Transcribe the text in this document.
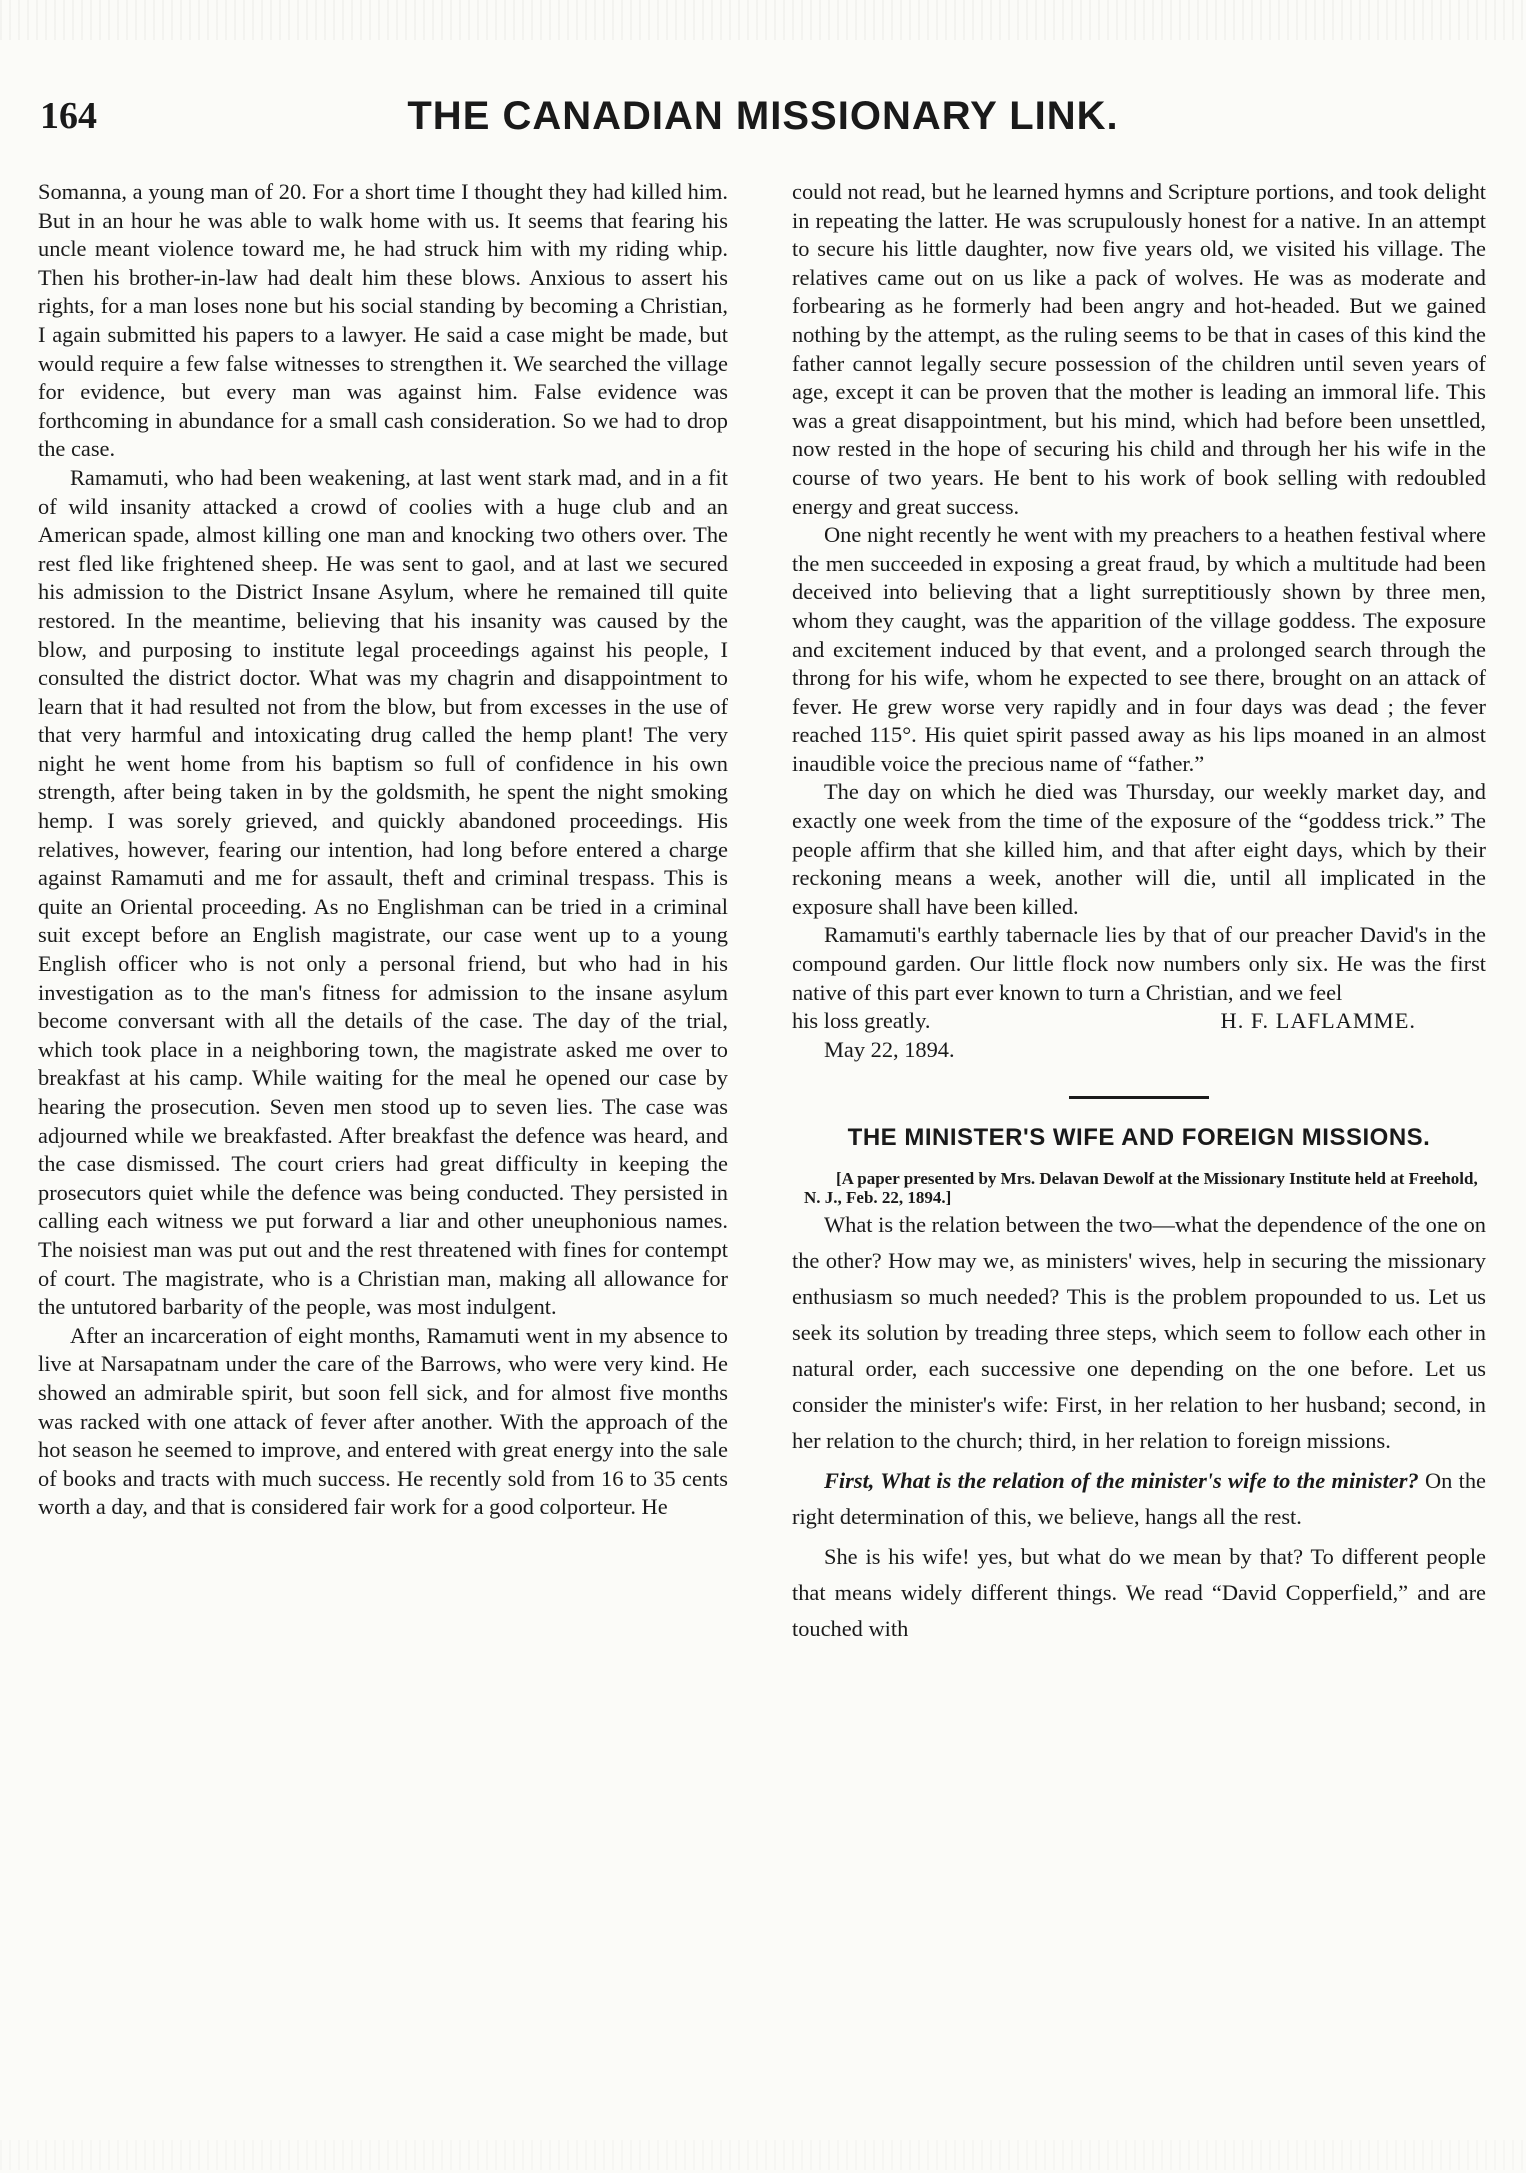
164	THE CANADIAN MISSIONARY LINK.

Somanna, a young man of 20. For a short time I thought they had killed him. But in an hour he was able to walk home with us. It seems that fearing his uncle meant violence toward me, he had struck him with my riding whip. Then his brother-in-law had dealt him these blows. Anxious to assert his rights, for a man loses none but his social standing by becoming a Christian, I again submitted his papers to a lawyer. He said a case might be made, but would require a few false witnesses to strengthen it. We searched the village for evidence, but every man was against him. False evidence was forthcoming in abundance for a small cash consideration. So we had to drop the case.

Ramamuti, who had been weakening, at last went stark mad, and in a fit of wild insanity attacked a crowd of coolies with a huge club and an American spade, almost killing one man and knocking two others over. The rest fled like frightened sheep. He was sent to gaol, and at last we secured his admission to the District Insane Asylum, where he remained till quite restored. In the meantime, believing that his insanity was caused by the blow, and purposing to institute legal proceedings against his people, I consulted the district doctor. What was my chagrin and disappointment to learn that it had resulted not from the blow, but from excesses in the use of that very harmful and intoxicating drug called the hemp plant! The very night he went home from his baptism so full of confidence in his own strength, after being taken in by the goldsmith, he spent the night smoking hemp. I was sorely grieved, and quickly abandoned proceedings. His relatives, however, fearing our intention, had long before entered a charge against Ramamuti and me for assault, theft and criminal trespass. This is quite an Oriental proceeding. As no Englishman can be tried in a criminal suit except before an English magistrate, our case went up to a young English officer who is not only a personal friend, but who had in his investigation as to the man's fitness for admission to the insane asylum become conversant with all the details of the case. The day of the trial, which took place in a neighboring town, the magistrate asked me over to breakfast at his camp. While waiting for the meal he opened our case by hearing the prosecution. Seven men stood up to seven lies. The case was adjourned while we breakfasted. After breakfast the defence was heard, and the case dismissed. The court criers had great difficulty in keeping the prosecutors quiet while the defence was being conducted. They persisted in calling each witness we put forward a liar and other uneuphonious names. The noisiest man was put out and the rest threatened with fines for contempt of court. The magistrate, who is a Christian man, making all allowance for the untutored barbarity of the people, was most indulgent.

After an incarceration of eight months, Ramamuti went in my absence to live at Narsapatnam under the care of the Barrows, who were very kind. He showed an admirable spirit, but soon fell sick, and for almost five months was racked with one attack of fever after another. With the approach of the hot season he seemed to improve, and entered with great energy into the sale of books and tracts with much success. He recently sold from 16 to 35 cents worth a day, and that is considered fair work for a good colporteur. He

could not read, but he learned hymns and Scripture portions, and took delight in repeating the latter. He was scrupulously honest for a native. In an attempt to secure his little daughter, now five years old, we visited his village. The relatives came out on us like a pack of wolves. He was as moderate and forbearing as he formerly had been angry and hot-headed. But we gained nothing by the attempt, as the ruling seems to be that in cases of this kind the father cannot legally secure possession of the children until seven years of age, except it can be proven that the mother is leading an immoral life. This was a great disappointment, but his mind, which had before been unsettled, now rested in the hope of securing his child and through her his wife in the course of two years. He bent to his work of book selling with redoubled energy and great success.

One night recently he went with my preachers to a heathen festival where the men succeeded in exposing a great fraud, by which a multitude had been deceived into believing that a light surreptitiously shown by three men, whom they caught, was the apparition of the village goddess. The exposure and excitement induced by that event, and a prolonged search through the throng for his wife, whom he expected to see there, brought on an attack of fever. He grew worse very rapidly and in four days was dead ; the fever reached 115°. His quiet spirit passed away as his lips moaned in an almost inaudible voice the precious name of “father.”

The day on which he died was Thursday, our weekly market day, and exactly one week from the time of the exposure of the “goddess trick.” The people affirm that she killed him, and that after eight days, which by their reckoning means a week, another will die, until all implicated in the exposure shall have been killed.

Ramamuti's earthly tabernacle lies by that of our preacher David's in the compound garden. Our little flock now numbers only six. He was the first native of this part ever known to turn a Christian, and we feel

his loss greatly.	H. F. LAFLAMME.

May 22, 1894.

THE MINISTER'S WIFE AND FOREIGN MISSIONS.

[A paper presented by Mrs. Delavan Dewolf at the Missionary Institute held at Freehold, N. J., Feb. 22, 1894.]

What is the relation between the two—what the dependence of the one on the other? How may we, as ministers' wives, help in securing the missionary enthusiasm so much needed? This is the problem propounded to us. Let us seek its solution by treading three steps, which seem to follow each other in natural order, each successive one depending on the one before. Let us consider the minister's wife: First, in her relation to her husband; second, in her relation to the church; third, in her relation to foreign missions.

First, What is the relation of the minister's wife to the minister? On the right determination of this, we believe, hangs all the rest.

She is his wife! yes, but what do we mean by that? To different people that means widely different things. We read “David Copperfield,” and are touched with
